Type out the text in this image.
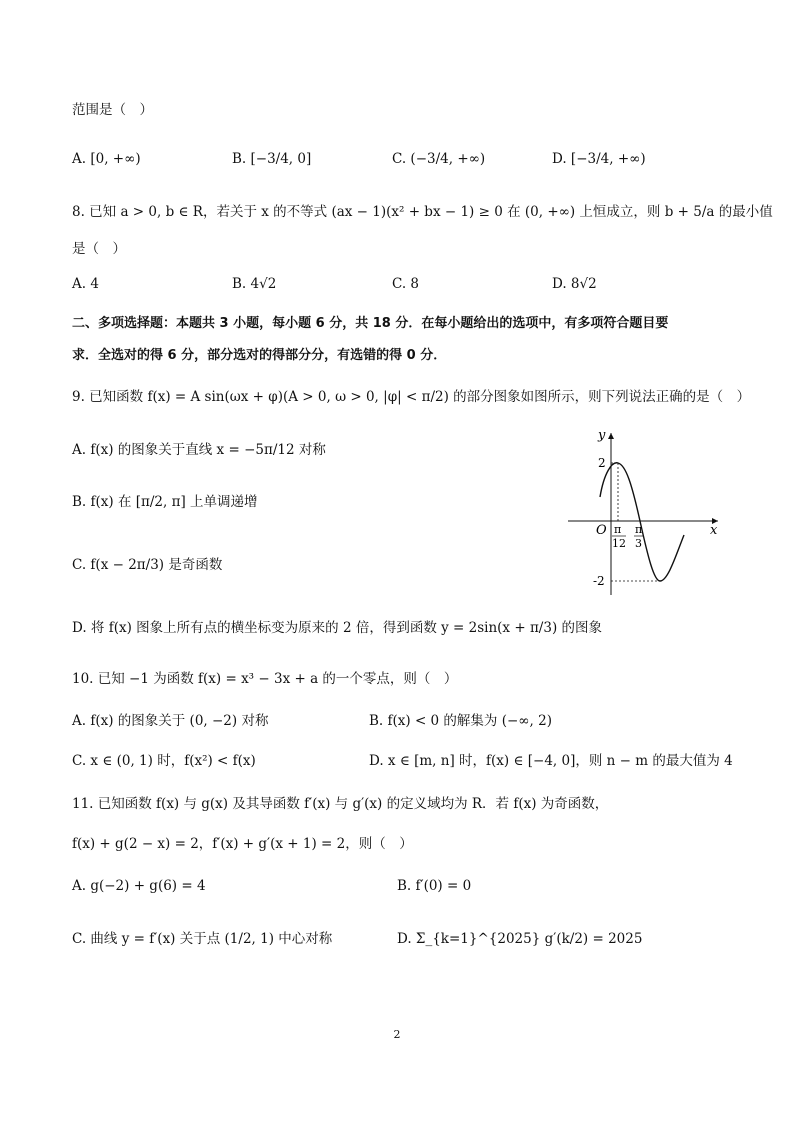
范围是（　）
A. [0, +∞)	B. [−3/4, 0]	C. (−3/4, +∞)	D. [−3/4, +∞)
8. 已知 a > 0, b ∈ R，若关于 x 的不等式 (ax − 1)(x² + bx − 1) ≥ 0 在 (0, +∞) 上恒成立，则 b + 5/a 的最小值
是（　）
A. 4	B. 4√2	C. 8	D. 8√2
二、多项选择题：本题共 3 小题，每小题 6 分，共 18 分．在每小题给出的选项中，有多项符合题目要
求．全选对的得 6 分，部分选对的得部分分，有选错的得 0 分．
9. 已知函数 f(x) = A sin(ωx + φ)(A > 0, ω > 0, |φ| < π/2) 的部分图象如图所示，则下列说法正确的是（　）
A. f(x) 的图象关于直线 x = −5π/12 对称
B. f(x) 在 [π/2, π] 上单调递增
C. f(x − 2π/3) 是奇函数
D. 将 f(x) 图象上所有点的横坐标变为原来的 2 倍，得到函数 y = 2sin(x + π/3) 的图象
y
x
O
2
-2
π
12
π
3
10. 已知 −1 为函数 f(x) = x³ − 3x + a 的一个零点，则（　）
A. f(x) 的图象关于 (0, −2) 对称	B. f(x) < 0 的解集为 (−∞, 2)
C. x ∈ (0, 1) 时，f(x²) < f(x)	D. x ∈ [m, n] 时，f(x) ∈ [−4, 0]，则 n − m 的最大值为 4
11. 已知函数 f(x) 与 g(x) 及其导函数 f′(x) 与 g′(x) 的定义域均为 R．若 f(x) 为奇函数，
f(x) + g(2 − x) = 2，f′(x) + g′(x + 1) = 2，则（　）
A. g(−2) + g(6) = 4	B. f′(0) = 0
C. 曲线 y = f′(x) 关于点 (1/2, 1) 中心对称	D. Σ_{k=1}^{2025} g′(k/2) = 2025
2
